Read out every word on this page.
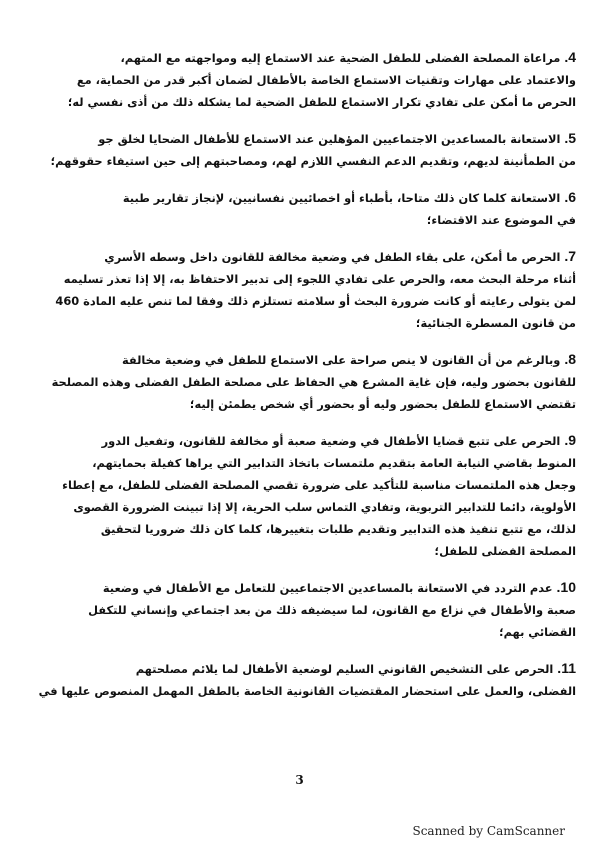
4. مراعاة المصلحة الفضلى للطفل الضحية عند الاستماع إليه ومواجهته مع المتهم،
والاعتماد على مهارات وتقنيات الاستماع الخاصة بالأطفال لضمان أكبر قدر من الحماية، مع
الحرص ما أمكن على تفادي تكرار الاستماع للطفل الضحية لما يشكله ذلك من أذى نفسي له؛
5. الاستعانة بالمساعدين الاجتماعيين المؤهلين عند الاستماع للأطفال الضحايا لخلق جو
من الطمأنينة لديهم، وتقديم الدعم النفسي اللازم لهم، ومصاحبتهم إلى حين استيفاء حقوقهم؛
6. الاستعانة كلما كان ذلك متاحا، بأطباء أو اخصائيين نفسانيين، لإنجاز تقارير طبية
في الموضوع عند الاقتضاء؛
7. الحرص ما أمكن، على بقاء الطفل في وضعية مخالفة للقانون داخل وسطه الأسري
أثناء مرحلة البحث معه، والحرص على تفادي اللجوء إلى تدبير الاحتفاظ به، إلا إذا تعذر تسليمه
لمن يتولى رعايته أو كانت ضرورة البحث أو سلامته تستلزم ذلك وفقا لما تنص عليه المادة 460
من قانون المسطرة الجنائية؛
8. وبالرغم من أن القانون لا ينص صراحة على الاستماع للطفل في وضعية مخالفة
للقانون بحضور وليه، فإن غاية المشرع هي الحفاظ على مصلحة الطفل الفضلى وهذه المصلحة
تقتضي الاستماع للطفل بحضور وليه أو بحضور أي شخص يطمئن إليه؛
9. الحرص على تتبع قضايا الأطفال في وضعية صعبة أو مخالفة للقانون، وتفعيل الدور
المنوط بقاضي النيابة العامة بتقديم ملتمسات باتخاذ التدابير التي يراها كفيلة بحمايتهم،
وجعل هذه الملتمسات مناسبة للتأكيد على ضرورة تقصي المصلحة الفضلى للطفل، مع إعطاء
الأولوية، دائما للتدابير التربوية، وتفادي التماس سلب الحرية، إلا إذا تبينت الضرورة القصوى
لذلك، مع تتبع تنفيذ هذه التدابير وتقديم طلبات بتغييرها، كلما كان ذلك ضروريا لتحقيق
المصلحة الفضلى للطفل؛
10. عدم التردد في الاستعانة بالمساعدين الاجتماعيين للتعامل مع الأطفال في وضعية
صعبة والأطفال في نزاع مع القانون، لما سيضيفه ذلك من بعد اجتماعي وإنساني للتكفل
القضائي بهم؛
11. الحرص على التشخيص القانوني السليم لوضعية الأطفال لما يلائم مصلحتهم
الفضلى، والعمل على استحضار المقتضيات القانونية الخاصة بالطفل المهمل المنصوص عليها في
3
Scanned by CamScanner
